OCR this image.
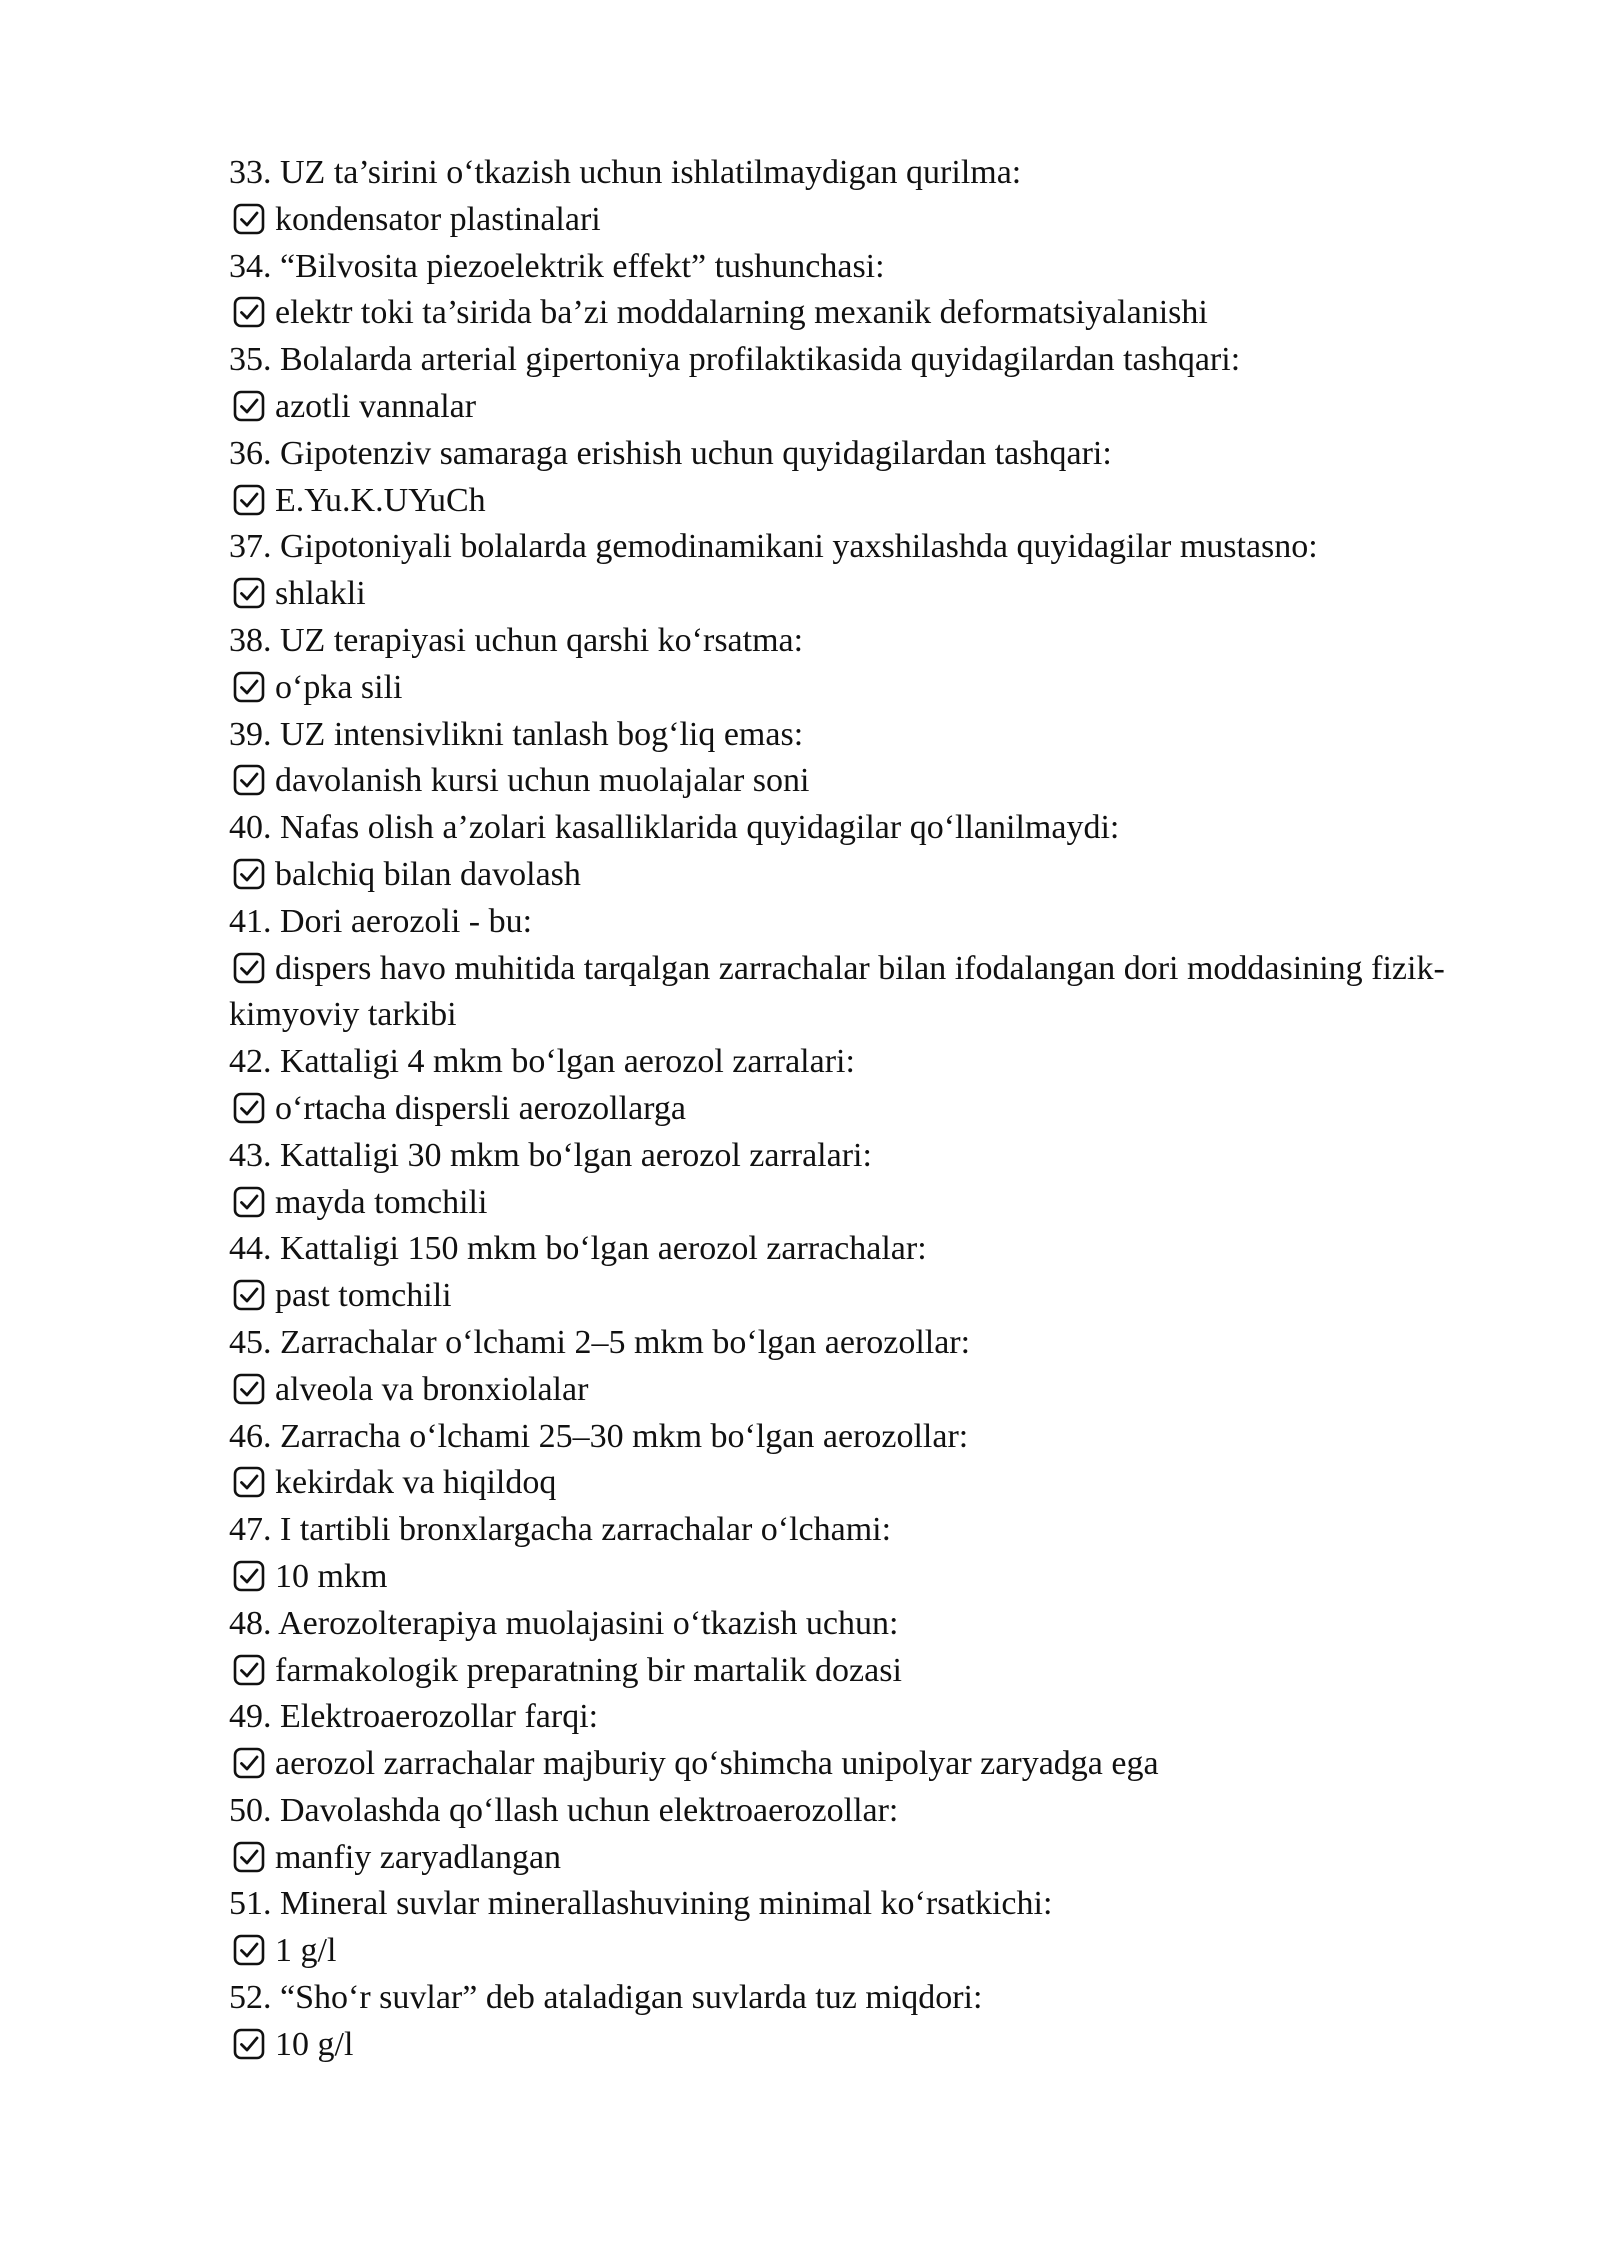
33. UZ ta’sirini o‘tkazish uchun ishlatilmaydigan qurilma:
kondensator plastinalari
34. “Bilvosita piezoelektrik effekt” tushunchasi:
elektr toki ta’sirida ba’zi moddalarning mexanik deformatsiyalanishi
35. Bolalarda arterial gipertoniya profilaktikasida quyidagilardan tashqari:
azotli vannalar
36. Gipotenziv samaraga erishish uchun quyidagilardan tashqari:
E.Yu.K.UYuCh
37. Gipotoniyali bolalarda gemodinamikani yaxshilashda quyidagilar mustasno:
shlakli
38. UZ terapiyasi uchun qarshi ko‘rsatma:
o‘pka sili
39. UZ intensivlikni tanlash bog‘liq emas:
davolanish kursi uchun muolajalar soni
40. Nafas olish a’zolari kasalliklarida quyidagilar qo‘llanilmaydi:
balchiq bilan davolash
41. Dori aerozoli - bu:
dispers havo muhitida tarqalgan zarrachalar bilan ifodalangan dori moddasining fizik-kimyoviy tarkibi
42. Kattaligi 4 mkm bo‘lgan aerozol zarralari:
o‘rtacha dispersli aerozollarga
43. Kattaligi 30 mkm bo‘lgan aerozol zarralari:
mayda tomchili
44. Kattaligi 150 mkm bo‘lgan aerozol zarrachalar:
past tomchili
45. Zarrachalar o‘lchami 2–5 mkm bo‘lgan aerozollar:
alveola va bronxiolalar
46. Zarracha o‘lchami 25–30 mkm bo‘lgan aerozollar:
kekirdak va hiqildoq
47. I tartibli bronxlargacha zarrachalar o‘lchami:
10 mkm
48. Aerozolterapiya muolajasini o‘tkazish uchun:
farmakologik preparatning bir martalik dozasi
49. Elektroaerozollar farqi:
aerozol zarrachalar majburiy qo‘shimcha unipolyar zaryadga ega
50. Davolashda qo‘llash uchun elektroaerozollar:
manfiy zaryadlangan
51. Mineral suvlar minerallashuvining minimal ko‘rsatkichi:
1 g/l
52. “Sho‘r suvlar” deb ataladigan suvlarda tuz miqdori:
10 g/l
